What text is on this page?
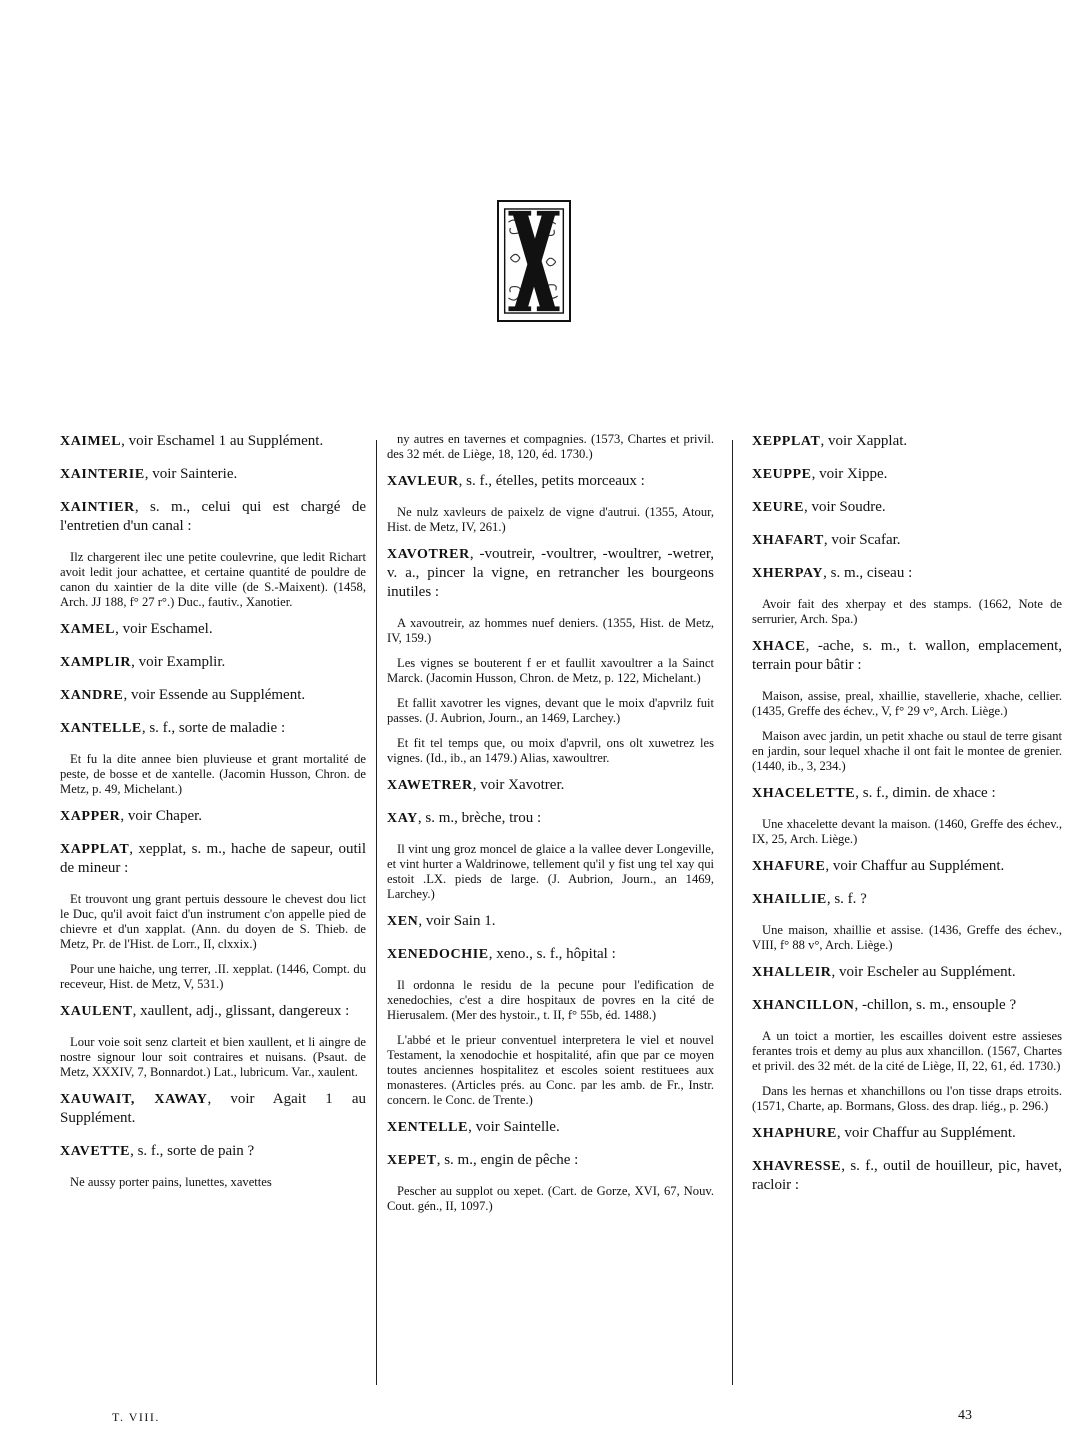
X

XAIMEL, voir Eschamel 1 au Supplément.

XAINTERIE, voir Sainterie.

XAINTIER, s. m., celui qui est chargé de l'entretien d'un canal :

Ilz chargerent ilec une petite coulevrine, que ledit Richart avoit ledit jour achattee, et certaine quantité de pouldre de canon du xaintier de la dite ville (de S.-Maixent). (1458, Arch. JJ 188, f° 27 r°.) Duc., fautiv., Xanotier.

XAMEL, voir Eschamel.

XAMPLIR, voir Examplir.

XANDRE, voir Essende au Supplément.

XANTELLE, s. f., sorte de maladie :

Et fu la dite annee bien pluvieuse et grant mortalité de peste, de bosse et de xantelle. (Jacomin Husson, Chron. de Metz, p. 49, Michelant.)

XAPPER, voir Chaper.

XAPPLAT, xepplat, s. m., hache de sapeur, outil de mineur :

Et trouvont ung grant pertuis dessoure le chevest dou lict le Duc, qu'il avoit faict d'un instrument c'on appelle pied de chievre et d'un xapplat. (Ann. du doyen de S. Thieb. de Metz, Pr. de l'Hist. de Lorr., II, clxxix.)

Pour une haiche, ung terrer, .II. xepplat. (1446, Compt. du receveur, Hist. de Metz, V, 531.)

XAULENT, xaullent, adj., glissant, dangereux :

Lour voie soit senz clarteit et bien xaullent, et li aingre de nostre signour lour soit contraires et nuisans. (Psaut. de Metz, XXXIV, 7, Bonnardot.) Lat., lubricum. Var., xaulent.

XAUWAIT, XAWAY, voir Agait 1 au Supplément.

XAVETTE, s. f., sorte de pain ?

Ne aussy porter pains, lunettes, xavettes

ny autres en tavernes et compagnies. (1573, Chartes et privil. des 32 mét. de Liège, 18, 120, éd. 1730.)

XAVLEUR, s. f., ételles, petits morceaux :

Ne nulz xavleurs de paixelz de vigne d'autrui. (1355, Atour, Hist. de Metz, IV, 261.)

XAVOTRER, -voutreir, -voultrer, -woultrer, -wetrer, v. a., pincer la vigne, en retrancher les bourgeons inutiles :

A xavoutreir, az hommes nuef deniers. (1355, Hist. de Metz, IV, 159.)

Les vignes se bouterent f er et faullit xavoultrer a la Sainct Marck. (Jacomin Husson, Chron. de Metz, p. 122, Michelant.)

Et fallit xavotrer les vignes, devant que le moix d'apvrilz fuit passes. (J. Aubrion, Journ., an 1469, Larchey.)

Et fit tel temps que, ou moix d'apvril, ons olt xuwetrez les vignes. (Id., ib., an 1479.) Alias, xawoultrer.

XAWETRER, voir Xavotrer.

XAY, s. m., brèche, trou :

Il vint ung groz moncel de glaice a la vallee dever Longeville, et vint hurter a Waldrinowe, tellement qu'il y fist ung tel xay qui estoit .LX. pieds de large. (J. Aubrion, Journ., an 1469, Larchey.)

XEN, voir Sain 1.

XENEDOCHIE, xeno., s. f., hôpital :

Il ordonna le residu de la pecune pour l'edification de xenedochies, c'est a dire hospitaux de povres en la cité de Hierusalem. (Mer des hystoir., t. II, f° 55b, éd. 1488.)

L'abbé et le prieur conventuel interpretera le viel et nouvel Testament, la xenodochie et hospitalité, afin que par ce moyen toutes anciennes hospitalitez et escoles soient restituees aux monasteres. (Articles prés. au Conc. par les amb. de Fr., Instr. concern. le Conc. de Trente.)

XENTELLE, voir Saintelle.

XEPET, s. m., engin de pêche :

Pescher au supplot ou xepet. (Cart. de Gorze, XVI, 67, Nouv. Cout. gén., II, 1097.)

XEPPLAT, voir Xapplat.

XEUPPE, voir Xippe.

XEURE, voir Soudre.

XHAFART, voir Scafar.

XHERPAY, s. m., ciseau :

Avoir fait des xherpay et des stamps. (1662, Note de serrurier, Arch. Spa.)

XHACE, -ache, s. m., t. wallon, emplacement, terrain pour bâtir :

Maison, assise, preal, xhaillie, stavellerie, xhache, cellier. (1435, Greffe des échev., V, f° 29 v°, Arch. Liège.)

Maison avec jardin, un petit xhache ou staul de terre gisant en jardin, sour lequel xhache il ont fait le montee de grenier. (1440, ib., 3, 234.)

XHACELETTE, s. f., dimin. de xhace :

Une xhacelette devant la maison. (1460, Greffe des échev., IX, 25, Arch. Liège.)

XHAFURE, voir Chaffur au Supplément.

XHAILLIE, s. f. ?

Une maison, xhaillie et assise. (1436, Greffe des échev., VIII, f° 88 v°, Arch. Liège.)

XHALLEIR, voir Escheler au Supplément.

XHANCILLON, -chillon, s. m., ensouple ?

A un toict a mortier, les escailles doivent estre assieses ferantes trois et demy au plus aux xhancillon. (1567, Chartes et privil. des 32 mét. de la cité de Liège, II, 22, 61, éd. 1730.)

Dans les hernas et xhanchillons ou l'on tisse draps etroits. (1571, Charte, ap. Bormans, Gloss. des drap. liég., p. 296.)

XHAPHURE, voir Chaffur au Supplément.

XHAVRESSE, s. f., outil de houilleur, pic, havet, racloir :

T. VIII.	43
